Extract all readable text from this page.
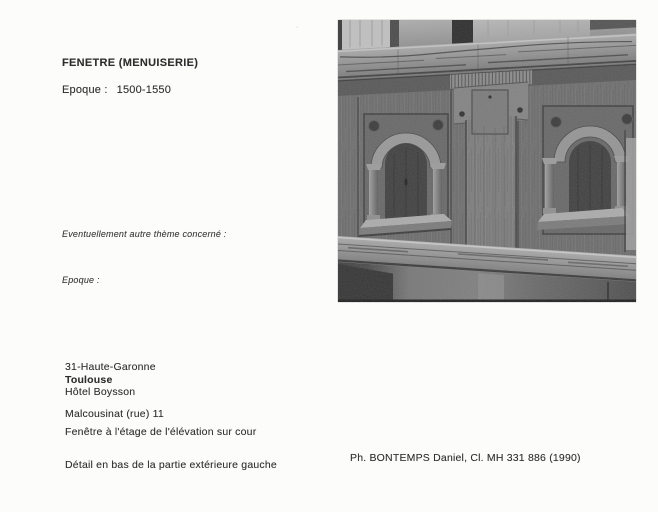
FENETRE (MENUISERIE)
Epoque : 1500-1550
Eventuellement autre thème concerné :
Epoque :
31-Haute-Garonne
Toulouse
Hôtel Boysson
Malcousinat (rue) 11
Fenêtre à l'étage de l'élévation sur cour
Détail en bas de la partie extérieure gauche
Ph. BONTEMPS Daniel, Cl. MH 331 886 (1990)
·
